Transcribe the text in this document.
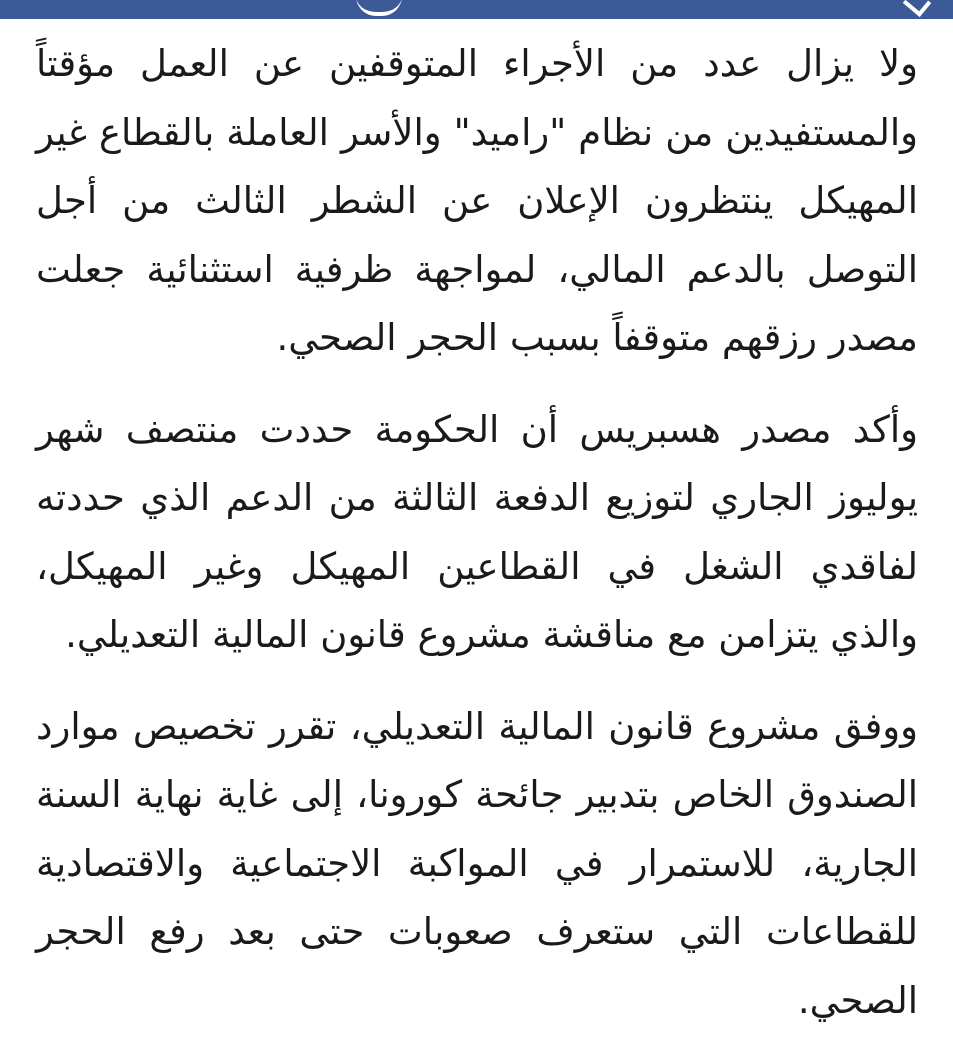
ولا يزال عدد من الأجراء المتوقفين عن العمل مؤقتاً والمستفيدين من نظام "راميد" والأسر العاملة بالقطاع غير المهيكل ينتظرون الإعلان عن الشطر الثالث من أجل التوصل بالدعم المالي، لمواجهة ظرفية استثنائية جعلت مصدر رزقهم متوقفاً بسبب الحجر الصحي.

وأكد مصدر هسبريس أن الحكومة حددت منتصف شهر يوليوز الجاري لتوزيع الدفعة الثالثة من الدعم الذي حددته لفاقدي الشغل في القطاعين المهيكل وغير المهيكل، والذي يتزامن مع مناقشة مشروع قانون المالية التعديلي.

ووفق مشروع قانون المالية التعديلي، تقرر تخصيص موارد الصندوق الخاص بتدبير جائحة كورونا، إلى غاية نهاية السنة الجارية، للاستمرار في المواكبة الاجتماعية والاقتصادية للقطاعات التي ستعرف صعوبات حتى بعد رفع الحجر الصحي.
